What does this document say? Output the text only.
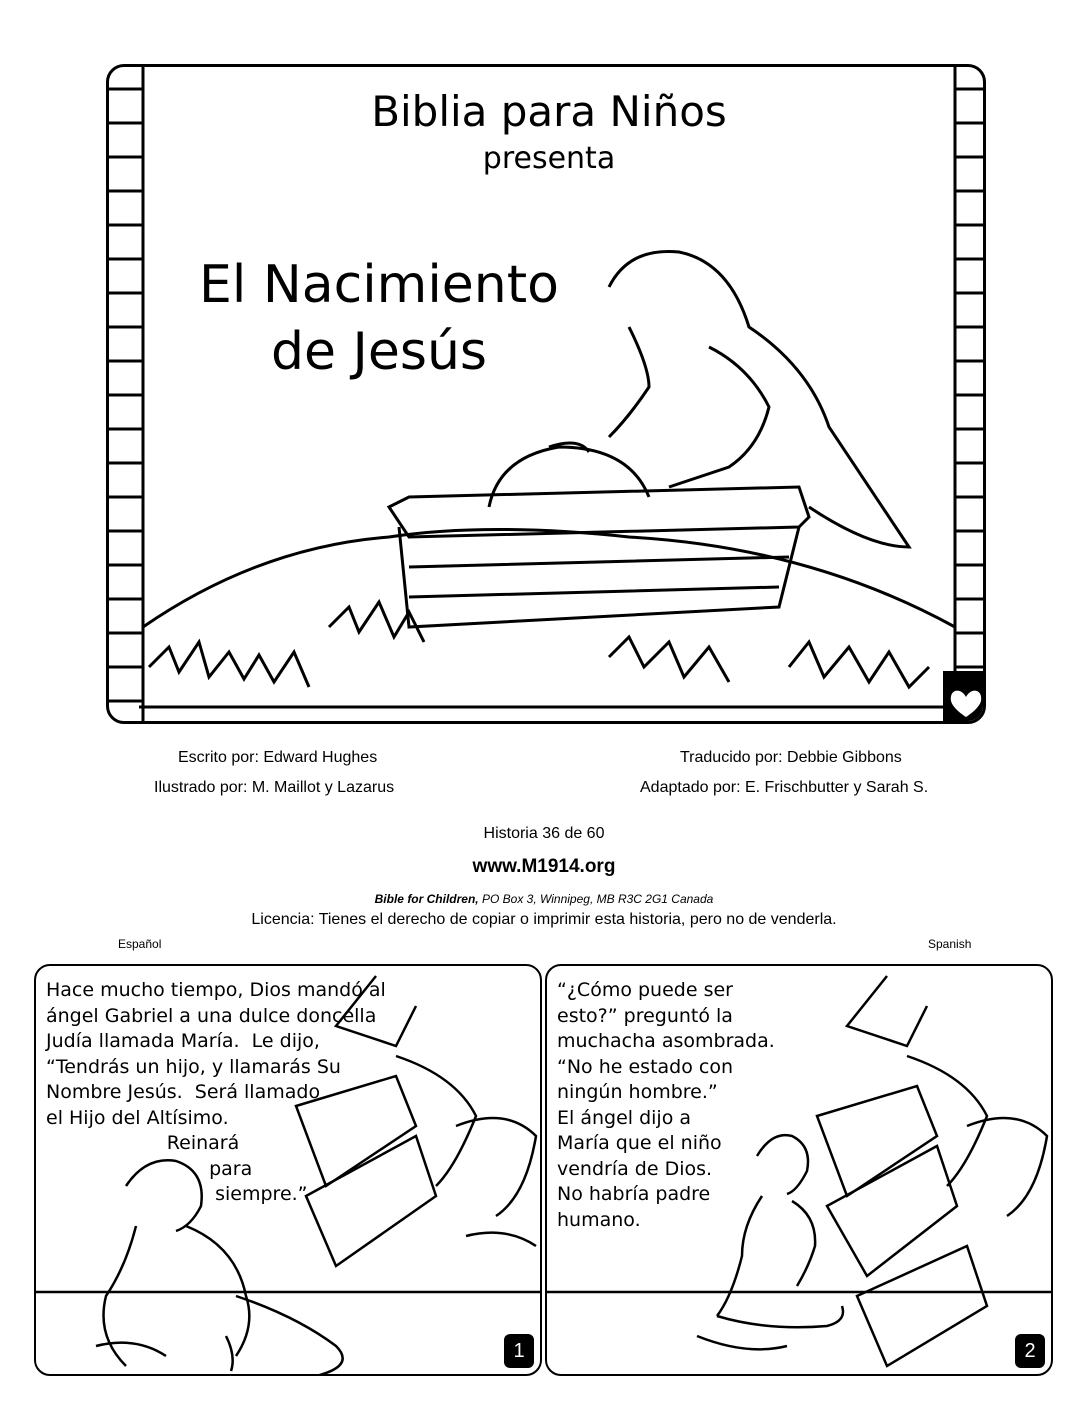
Biblia para Niños
presenta
El Nacimiento
de Jesús
Escrito por: Edward Hughes
Ilustrado por: M. Maillot y Lazarus
Traducido por: Debbie Gibbons
Adaptado por: E. Frischbutter y Sarah S.
Historia 36 de 60
www.M1914.org
Bible for Children, PO Box 3, Winnipeg, MB R3C 2G1 Canada
Licencia: Tienes el derecho de copiar o imprimir esta historia, pero no de venderla.
Español	Spanish
Hace mucho tiempo, Dios mandó al
ángel Gabriel a una dulce doncella
Judía llamada María.  Le dijo,
“Tendrás un hijo, y llamarás Su
Nombre Jesús.  Será llamado
el Hijo del Altísimo.
Reinará
para
siempre.”
1
“¿Cómo puede ser
esto?” preguntó la
muchacha asombrada.
“No he estado con
ningún hombre.”
El ángel dijo a
María que el niño
vendría de Dios.
No habría padre
humano.
2
